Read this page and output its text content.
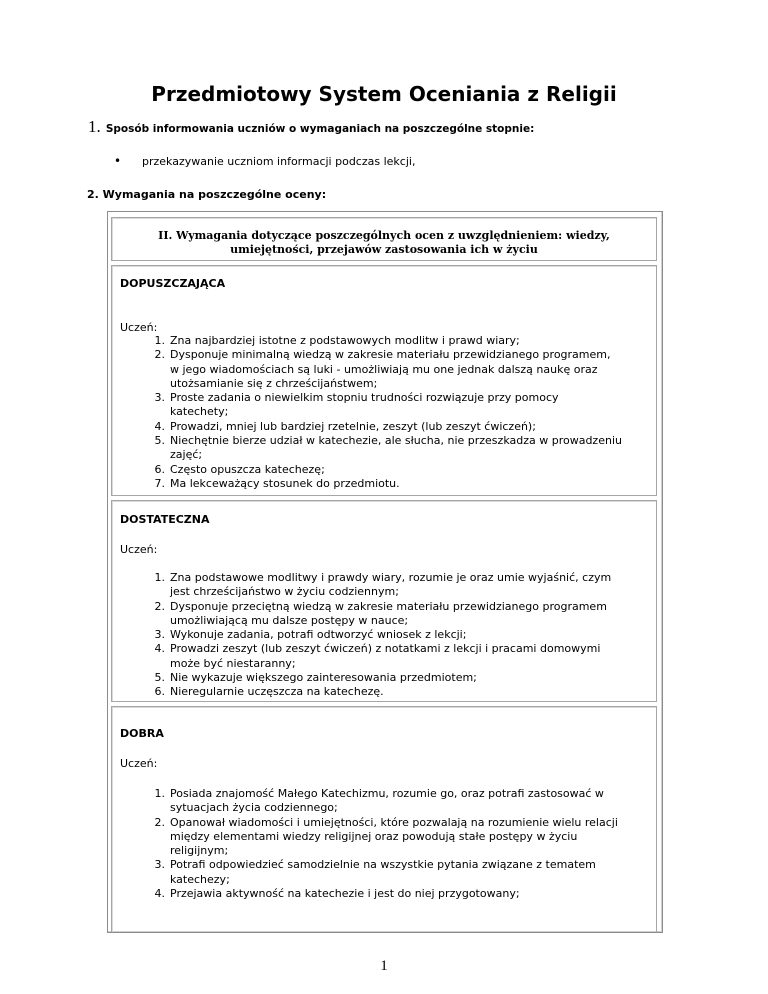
Przedmiotowy System Oceniania z Religii
1. Sposób informowania uczniów o wymaganiach na poszczególne stopnie:
• przekazywanie uczniom informacji podczas lekcji,
2. Wymagania na poszczególne oceny:
II. Wymagania dotyczące poszczególnych ocen z uwzględnieniem: wiedzy,
umiejętności, przejawów zastosowania ich w życiu
DOPUSZCZAJĄCA
Uczeń:
1. Zna najbardziej istotne z podstawowych modlitw i prawd wiary;
2. Dysponuje minimalną wiedzą w zakresie materiału przewidzianego programem,
w jego wiadomościach są luki - umożliwiają mu one jednak dalszą naukę oraz
utożsamianie się z chrześcijaństwem;
3. Proste zadania o niewielkim stopniu trudności rozwiązuje przy pomocy
katechety;
4. Prowadzi, mniej lub bardziej rzetelnie, zeszyt (lub zeszyt ćwiczeń);
5. Niechętnie bierze udział w katechezie, ale słucha, nie przeszkadza w prowadzeniu
zajęć;
6. Często opuszcza katechezę;
7. Ma lekceważący stosunek do przedmiotu.
DOSTATECZNA
Uczeń:
1. Zna podstawowe modlitwy i prawdy wiary, rozumie je oraz umie wyjaśnić, czym
jest chrześcijaństwo w życiu codziennym;
2. Dysponuje przeciętną wiedzą w zakresie materiału przewidzianego programem
umożliwiającą mu dalsze postępy w nauce;
3. Wykonuje zadania, potrafi odtworzyć wniosek z lekcji;
4. Prowadzi zeszyt (lub zeszyt ćwiczeń) z notatkami z lekcji i pracami domowymi
może być niestaranny;
5. Nie wykazuje większego zainteresowania przedmiotem;
6. Nieregularnie uczęszcza na katechezę.
DOBRA
Uczeń:
1. Posiada znajomość Małego Katechizmu, rozumie go, oraz potrafi zastosować w
sytuacjach życia codziennego;
2. Opanował wiadomości i umiejętności, które pozwalają na rozumienie wielu relacji
między elementami wiedzy religijnej oraz powodują stałe postępy w życiu
religijnym;
3. Potrafi odpowiedzieć samodzielnie na wszystkie pytania związane z tematem
katechezy;
4. Przejawia aktywność na katechezie i jest do niej przygotowany;
1
